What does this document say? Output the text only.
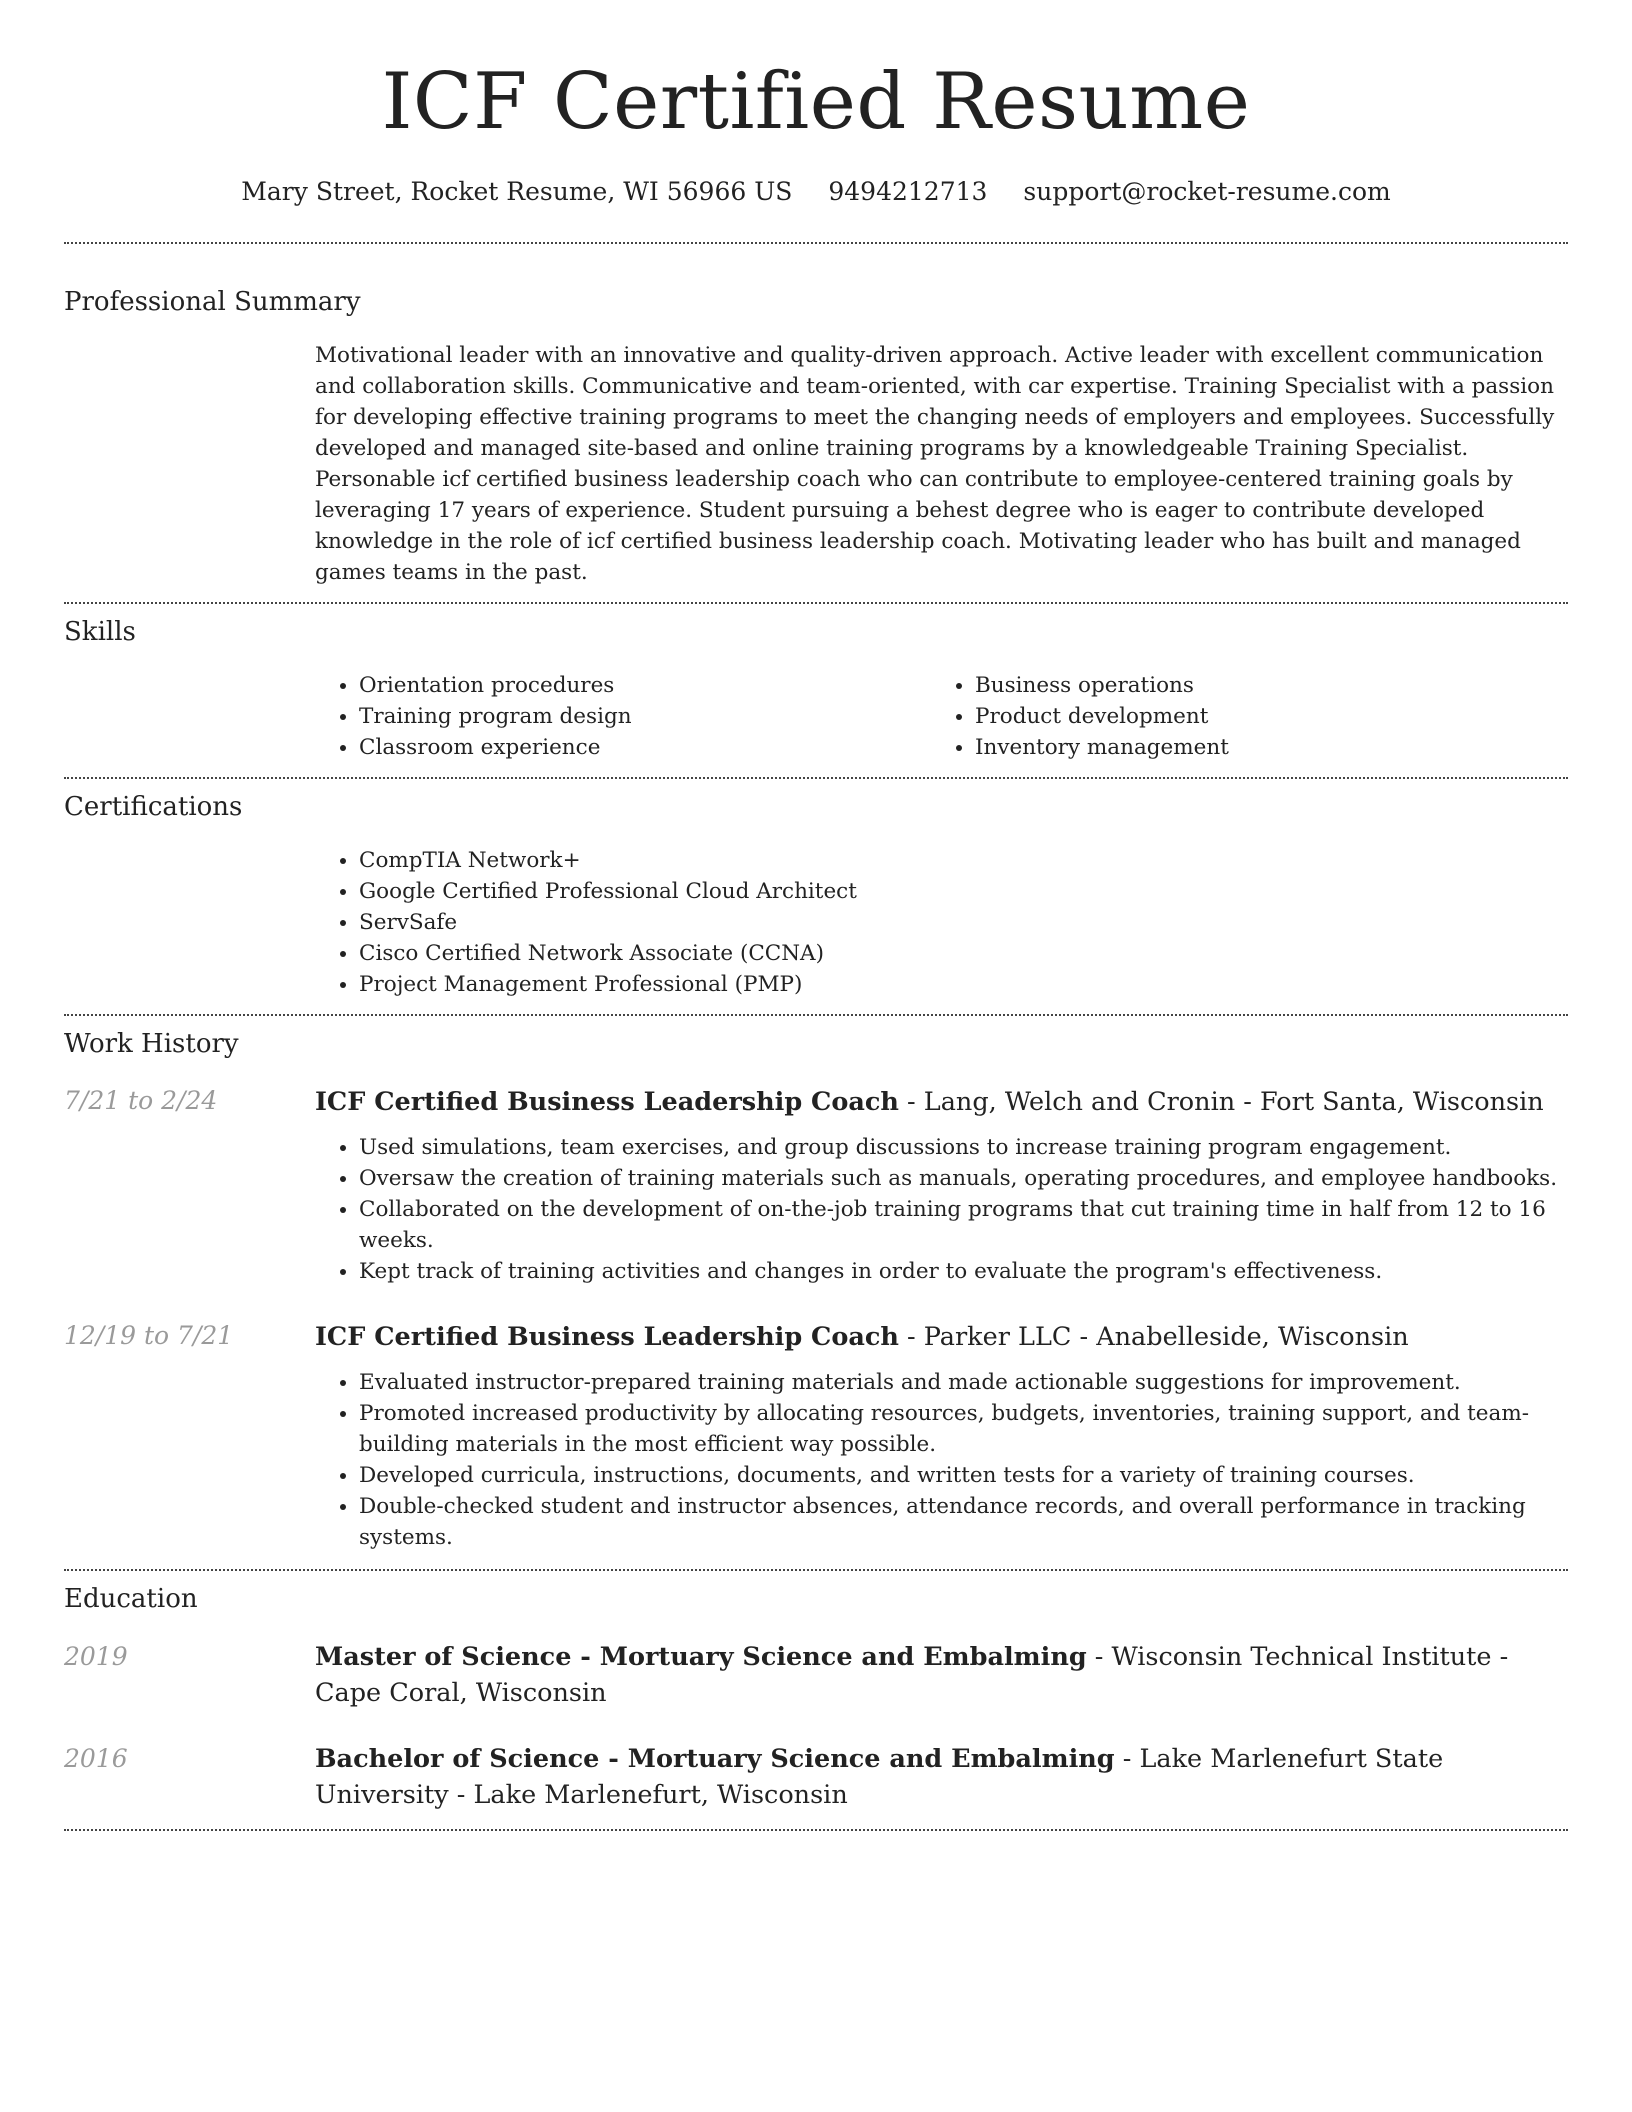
ICF Certified Resume
Mary Street, Rocket Resume, WI 56966 US 9494212713 support@rocket-resume.com
Professional Summary
Motivational leader with an innovative and quality-driven approach. Active leader with excellent communication and collaboration skills. Communicative and team-oriented, with car expertise. Training Specialist with a passion for developing effective training programs to meet the changing needs of employers and employees. Successfully developed and managed site-based and online training programs by a knowledgeable Training Specialist. Personable icf certified business leadership coach who can contribute to employee-centered training goals by leveraging 17 years of experience. Student pursuing a behest degree who is eager to contribute developed knowledge in the role of icf certified business leadership coach. Motivating leader who has built and managed games teams in the past.
Skills
• Orientation procedures
• Training program design
• Classroom experience
• Business operations
• Product development
• Inventory management
Certifications
• CompTIA Network+
• Google Certified Professional Cloud Architect
• ServSafe
• Cisco Certified Network Associate (CCNA)
• Project Management Professional (PMP)
Work History
7/21 to 2/24	ICF Certified Business Leadership Coach - Lang, Welch and Cronin - Fort Santa, Wisconsin
• Used simulations, team exercises, and group discussions to increase training program engagement.
• Oversaw the creation of training materials such as manuals, operating procedures, and employee handbooks.
• Collaborated on the development of on-the-job training programs that cut training time in half from 12 to 16 weeks.
• Kept track of training activities and changes in order to evaluate the program's effectiveness.
12/19 to 7/21	ICF Certified Business Leadership Coach - Parker LLC - Anabelleside, Wisconsin
• Evaluated instructor-prepared training materials and made actionable suggestions for improvement.
• Promoted increased productivity by allocating resources, budgets, inventories, training support, and team-building materials in the most efficient way possible.
• Developed curricula, instructions, documents, and written tests for a variety of training courses.
• Double-checked student and instructor absences, attendance records, and overall performance in tracking systems.
Education
2019	Master of Science - Mortuary Science and Embalming - Wisconsin Technical Institute - Cape Coral, Wisconsin
2016	Bachelor of Science - Mortuary Science and Embalming - Lake Marlenefurt State University - Lake Marlenefurt, Wisconsin
